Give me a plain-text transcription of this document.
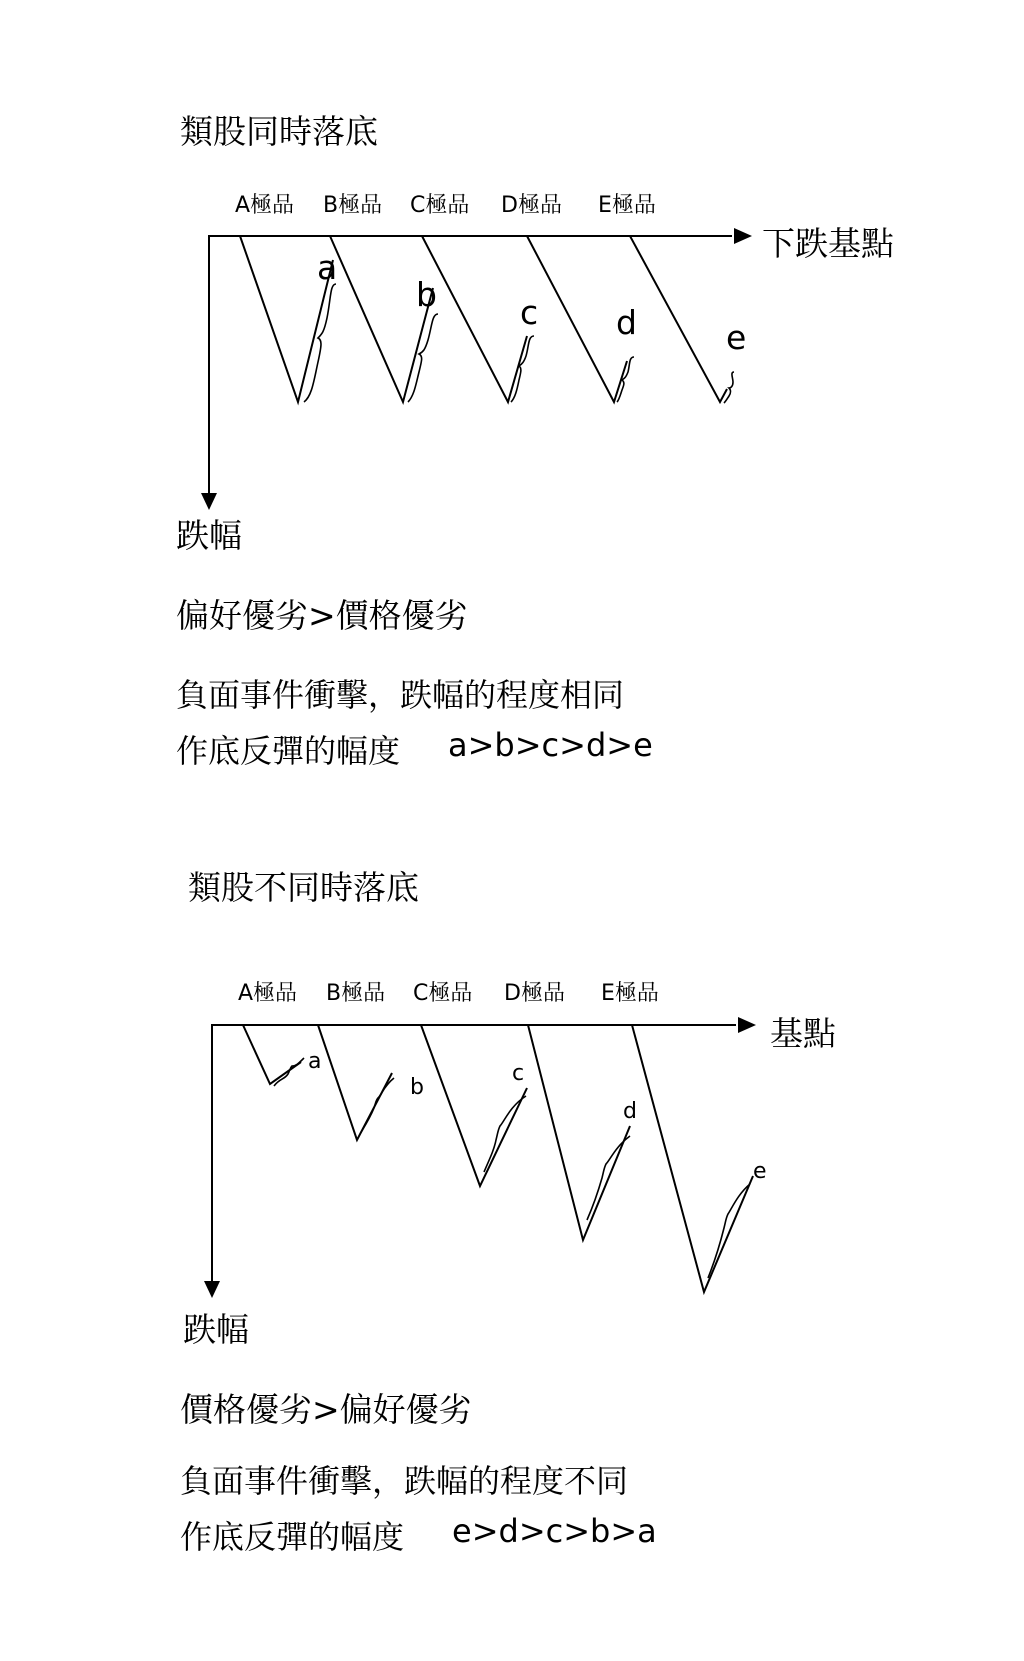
類股同時落底
A極品 B極品 C極品 D極品 E極品
下跌基點
a
b	c d	e
跌幅
偏好優劣>價格優劣
負面事件衝擊，跌幅的程度相同
作底反彈的幅度 a>b>c>d>e
類股不同時落底
A極品 B極品 C極品 D極品 E極品
基點
a
b
c
d
e
跌幅
價格優劣>偏好優劣
負面事件衝擊，跌幅的程度不同
作底反彈的幅度 e>d>c>b>a
